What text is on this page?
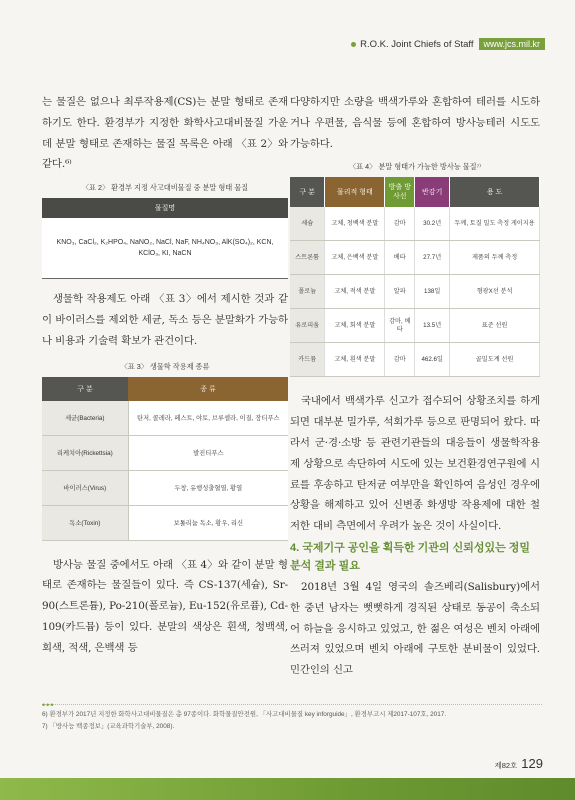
R.O.K. Joint Chiefs of Staff	www.jcs.mil.kr

는 물질은 없으나 최루작용제(CS)는 분말 형태로 존재하기도 한다. 환경부가 지정한 화학사고대비물질 가운데 분말 형태로 존재하는 물질 목록은 아래 〈표 2〉와 같다.⁶⁾

〈표 2〉 환경부 지정 사고대비물질 중 분말 형태 물질
물질명
KNO₃, CaCl₂, K₂HPO₄, NaNO₂, NaCl, NaF, NH₄NO₃, AlK(SO₄)₂, KCN, KClO₃, KI, NaCN

생물학 작용제도 아래 〈표 3〉에서 제시한 것과 같이 바이러스를 제외한 세균, 독소 등은 분말화가 가능하나 비용과 기술력 확보가 관건이다.

〈표 3〉 생물학 작용제 종류
구 분	종 류
세균(Bacteria)	탄저, 콜레라, 페스트, 야토, 브루셀라, 이질, 장티푸스
리케치아(Rickettsia)	발진티푸스
바이러스(Virus)	두창, 유행성출혈열, 황열
독소(Toxin)	보톨리늄 독소, 황우, 리신

방사능 물질 중에서도 아래 〈표 4〉와 같이 분말 형태로 존재하는 물질들이 있다. 즉 CS-137(세슘), Sr-90(스트론튬), Po-210(폴로늄), Eu-152(유로퓸), Cd-109(카드뮴) 등이 있다. 분말의 색상은 흰색, 청백색, 회색, 적색, 은백색 등

다양하지만 소량을 백색가루와 혼합하여 테러를 시도하거나 우편물, 음식물 등에 혼합하여 방사능테러 시도도 가능하다.

〈표 4〉 분말 형태가 가능한 방사능 물질⁷⁾
구 분	물리적 형태	방출 방사선	반감기	용 도
세슘	고체, 청백색 분말	감마	30.2년	두께, 토질 밀도 측정 게이지용
스트론튬	고체, 은백색 분말	베타	27.7년	제품의 두께 측정
폴로늄	고체, 적색 분말	알파	138일	형광X선 분석
유로피움	고체, 회색 분말	감마, 베타	13.5년	표준 선원
카드뮴	고체, 흰색 분말	감마	462.6일	골밀도계 선원

국내에서 백색가루 신고가 접수되어 상황조치를 하게 되면 대부분 밀가루, 석회가루 등으로 판명되어 왔다. 따라서 군·경·소방 등 관련기관들의 대응들이 생물학작용제 상황으로 속단하여 시도에 있는 보건환경연구원에 시료를 후송하고 탄저균 여부만을 확인하여 음성인 경우에 상황을 해제하고 있어 신변종 화생방 작용제에 대한 철저한 대비 측면에서 우려가 높은 것이 사실이다.

4. 국제기구 공인을 획득한 기관의 신뢰성있는 정밀분석 결과 필요

2018년 3월 4일 영국의 솔즈베리(Salisbury)에서 한 중년 남자는 뻣뻣하게 경직된 상태로 동공이 축소되어 하늘을 응시하고 있었고, 한 젊은 여성은 벤치 아래에 쓰러져 있었으며 벤치 아래에 구토한 분비물이 있었다. 민간인의 신고

•••
6) 환경부가 2017년 지정한 화학사고대비물질은 총 97종이다. 화학물질안전원, 「사고대비물질 key inforguide」, 환경부고시 제2017-107호, 2017.
7) 「방사능 백종정보」(교육과학기술부, 2008).
제82호 129
